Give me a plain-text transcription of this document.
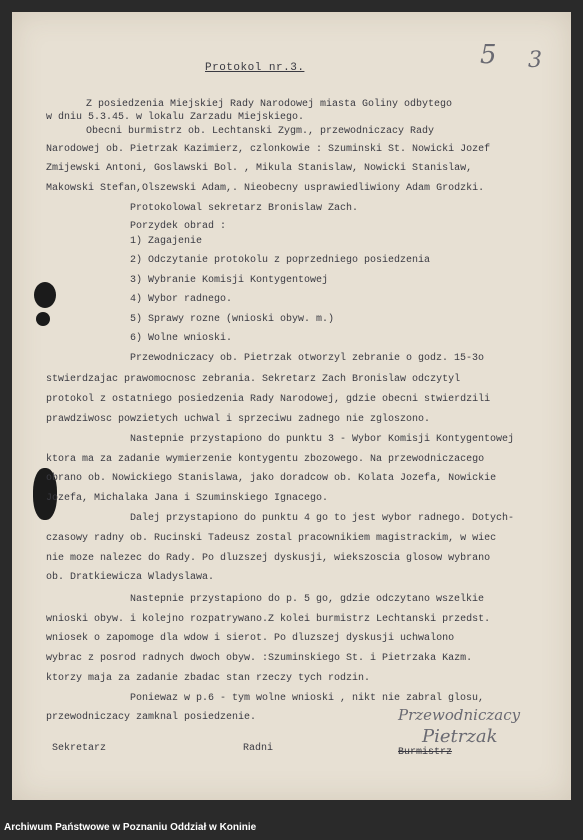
5 3
Protokol nr.3.
Z posiedzenia Miejskiej Rady Narodowej miasta Goliny odbytego
w dniu 5.3.45. w lokalu Zarzadu Miejskiego.
Obecni burmistrz ob. Lechtanski Zygm., przewodniczacy Rady
Narodowej ob. Pietrzak Kazimierz, czlonkowie : Szuminski St. Nowicki Jozef
Zmijewski Antoni, Goslawski Bol. , Mikula Stanislaw, Nowicki Stanislaw,
Makowski Stefan,Olszewski Adam,. Nieobecny usprawiedliwiony Adam Grodzki.
Protokolowal sekretarz Bronislaw Zach.
Porzydek obrad :
1) Zagajenie
2) Odczytanie protokolu z poprzedniego posiedzenia
3) Wybranie Komisji Kontygentowej
4) Wybor radnego.
5) Sprawy rozne (wnioski obyw. m.)
6) Wolne wnioski.
Przewodniczacy ob. Pietrzak otworzyl zebranie o godz. 15-3o
stwierdzajac prawomocnosc zebrania. Sekretarz Zach Bronislaw odczytyl
protokol z ostatniego posiedzenia Rady Narodowej, gdzie obecni stwierdzili
prawdziwosc powzietych uchwal i sprzeciwu zadnego nie zgloszono.
Nastepnie przystapiono do punktu 3 - Wybor Komisji Kontygentowej
ktora ma za zadanie wymierzenie kontygentu zbozowego. Na przewodniczacego
obrano ob. Nowickiego Stanislawa, jako doradcow ob. Kolata Jozefa, Nowickie
Jozefa, Michalaka Jana i Szuminskiego Ignacego.
Dalej przystapiono do punktu 4 go to jest wybor radnego. Dotych-
czasowy radny ob. Rucinski Tadeusz zostal pracownikiem magistrackim, w wiec
nie moze nalezec do Rady. Po dluzszej dyskusji, wiekszoscia glosow wybrano
ob. Dratkiewicza Wladyslawa.
Nastepnie przystapiono do p. 5 go, gdzie odczytano wszelkie
wnioski obyw. i kolejno rozpatrywano.Z kolei burmistrz Lechtanski przedst.
wniosek o zapomoge dla wdow i sierot. Po dluzszej dyskusji uchwalono
wybrac z posrod radnych dwoch obyw. :Szuminskiego St. i Pietrzaka Kazm.
ktorzy maja za zadanie zbadac stan rzeczy tych rodzin.
Poniewaz w p.6 - tym wolne wnioski , nikt nie zabral glosu,
przewodniczacy zamknal posiedzenie.	Przewodniczacy
Pietrzak
Sekretarz	Radni	Burmistrz
Archiwum Państwowe w Poznaniu Oddział w Koninie
